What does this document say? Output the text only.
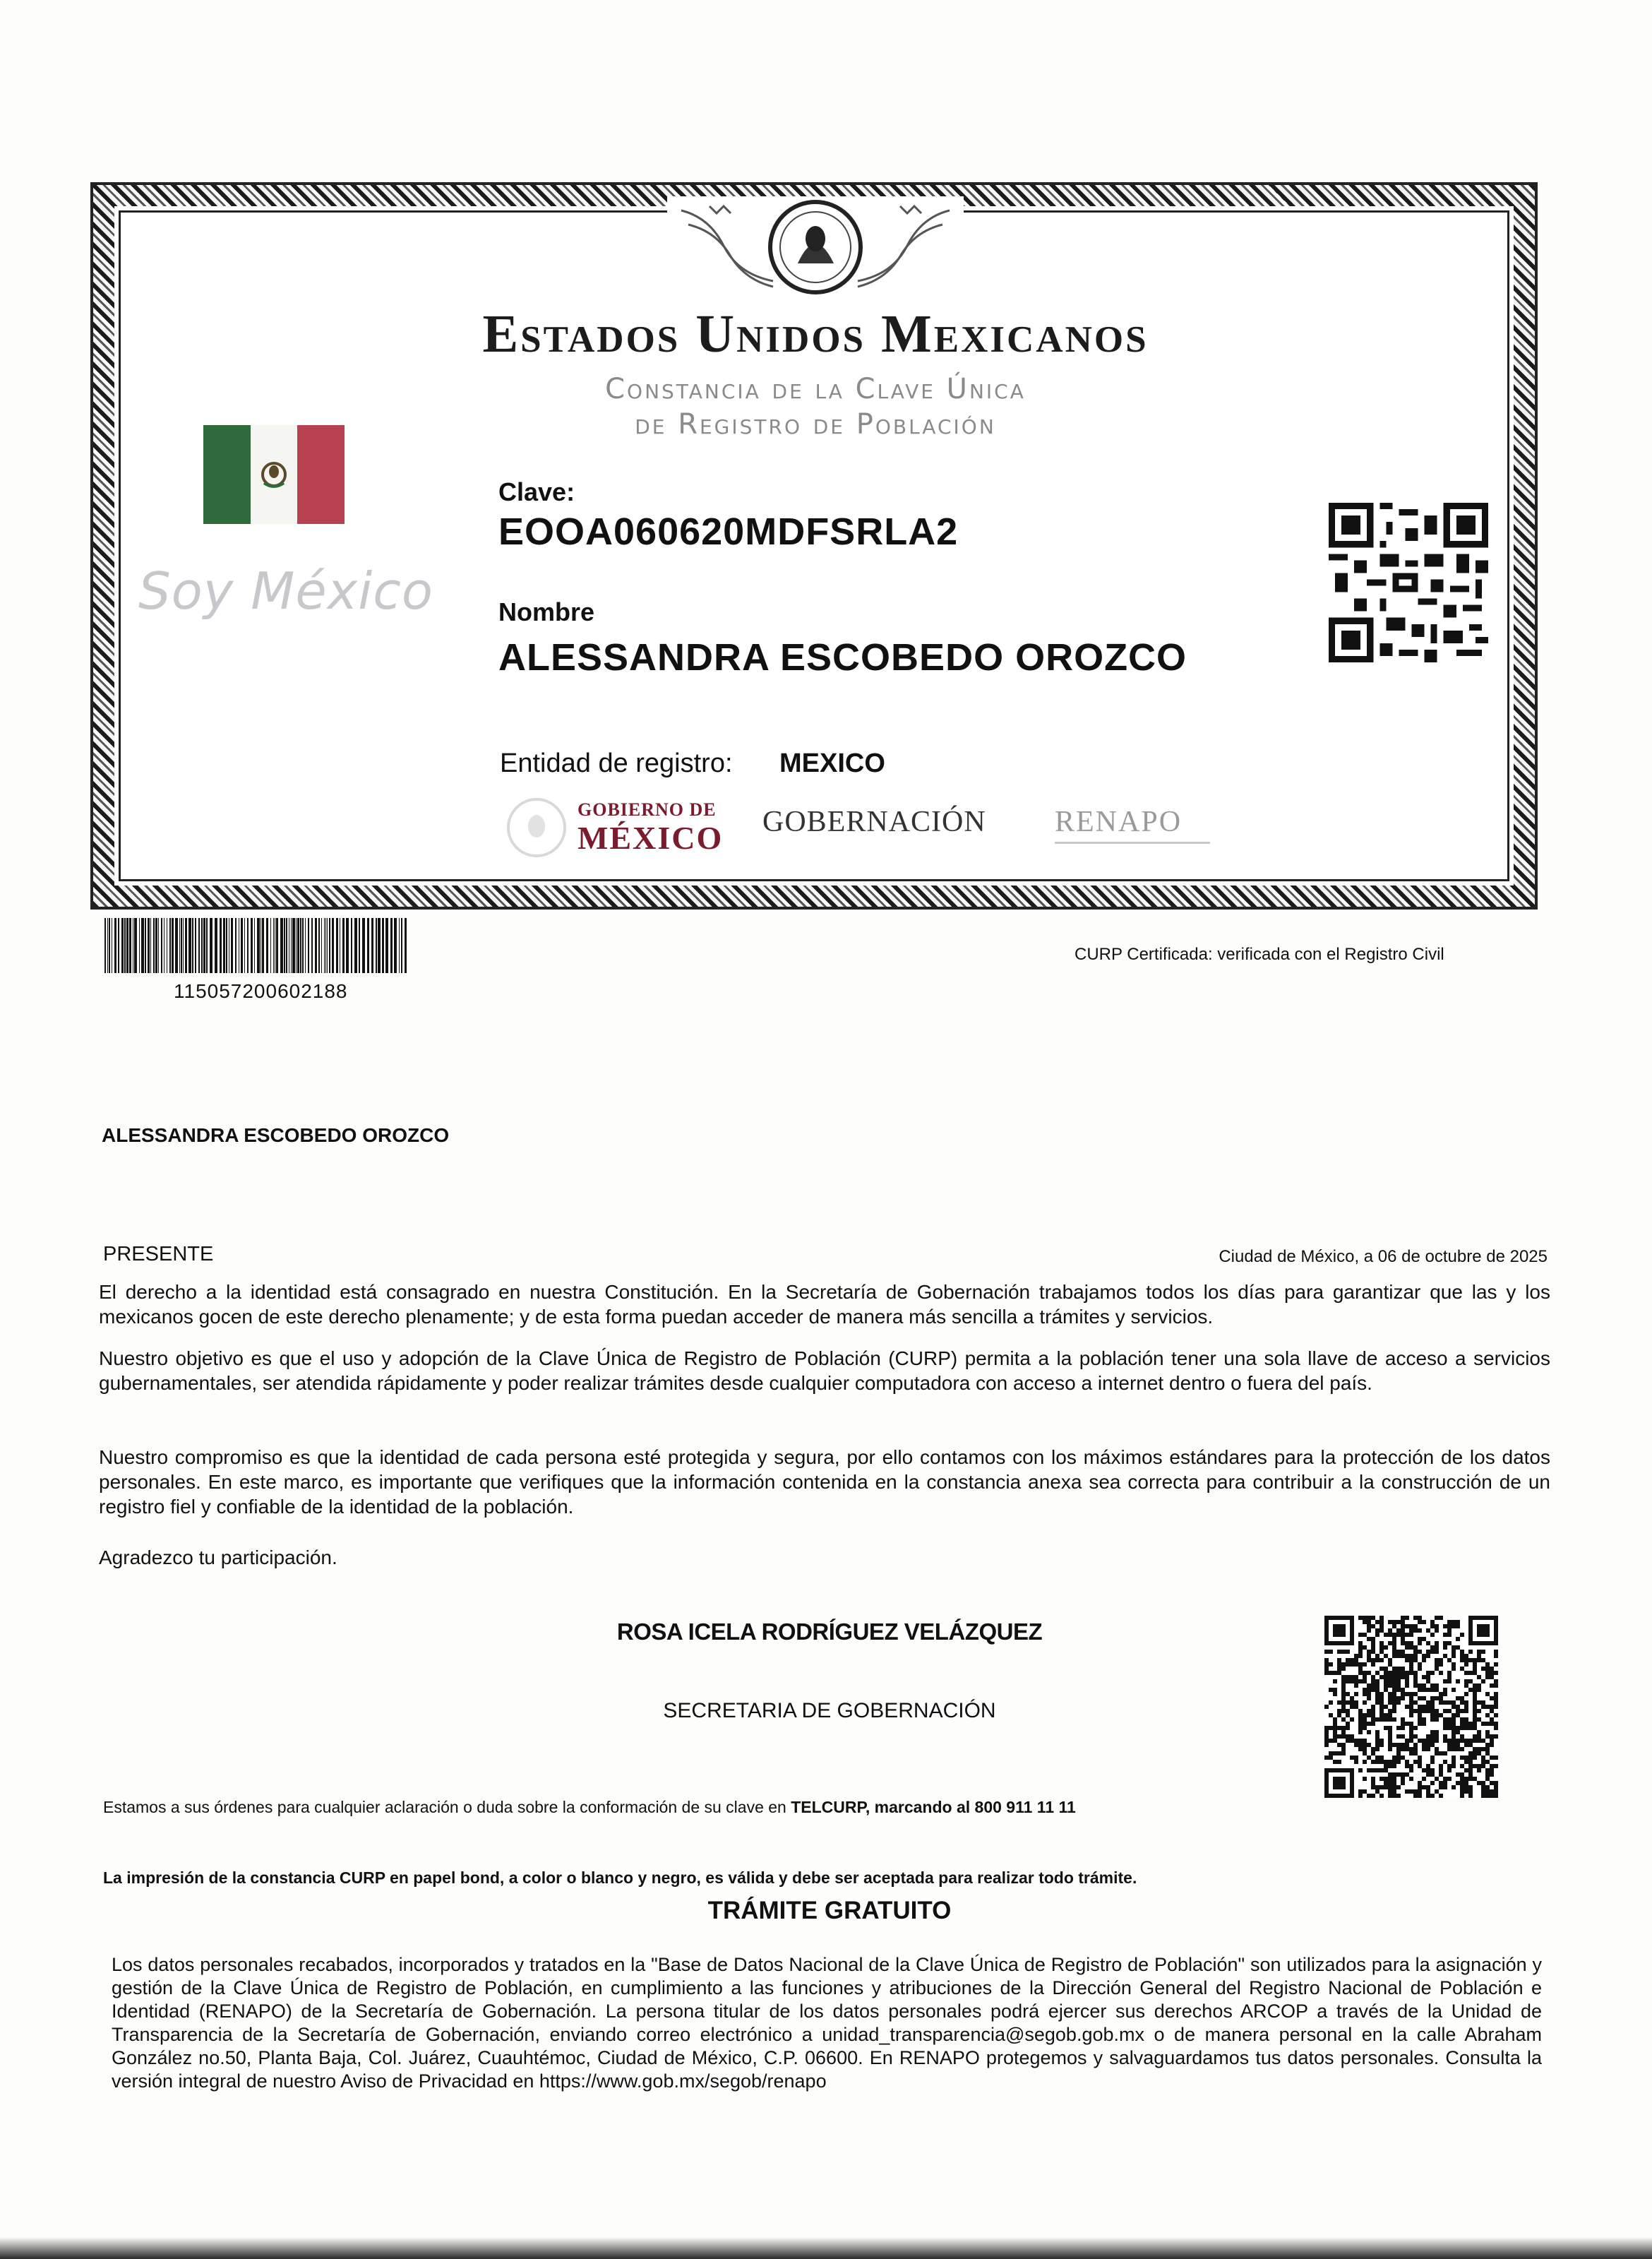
Estados Unidos Mexicanos
Constancia de la Clave Única
de Registro de Población
Soy México
Clave:
EOOA060620MDFSRLA2
Nombre
ALESSANDRA ESCOBEDO OROZCO
Entidad de registro: MEXICO
GOBIERNO DE
MÉXICO GOBERNACIÓN RENAPO
115057200602188
CURP Certificada: verificada con el Registro Civil
ALESSANDRA ESCOBEDO OROZCO
PRESENTE	Ciudad de México, a 06 de octubre de 2025
El derecho a la identidad está consagrado en nuestra Constitución. En la Secretaría de Gobernación trabajamos todos los días para garantizar que las y los mexicanos gocen de este derecho plenamente; y de esta forma puedan acceder de manera más sencilla a trámites y servicios.
Nuestro objetivo es que el uso y adopción de la Clave Única de Registro de Población (CURP) permita a la población tener una sola llave de acceso a servicios gubernamentales, ser atendida rápidamente y poder realizar trámites desde cualquier computadora con acceso a internet dentro o fuera del país.
Nuestro compromiso es que la identidad de cada persona esté protegida y segura, por ello contamos con los máximos estándares para la protección de los datos personales. En este marco, es importante que verifiques que la información contenida en la constancia anexa sea correcta para contribuir a la construcción de un registro fiel y confiable de la identidad de la población.
Agradezco tu participación.
ROSA ICELA RODRÍGUEZ VELÁZQUEZ
SECRETARIA DE GOBERNACIÓN
Estamos a sus órdenes para cualquier aclaración o duda sobre la conformación de su clave en TELCURP, marcando al 800 911 11 11
La impresión de la constancia CURP en papel bond, a color o blanco y negro, es válida y debe ser aceptada para realizar todo trámite.
TRÁMITE GRATUITO
Los datos personales recabados, incorporados y tratados en la "Base de Datos Nacional de la Clave Única de Registro de Población" son utilizados para la asignación y gestión de la Clave Única de Registro de Población, en cumplimiento a las funciones y atribuciones de la Dirección General del Registro Nacional de Población e Identidad (RENAPO) de la Secretaría de Gobernación. La persona titular de los datos personales podrá ejercer sus derechos ARCOP a través de la Unidad de Transparencia de la Secretaría de Gobernación, enviando correo electrónico a unidad_transparencia@segob.gob.mx o de manera personal en la calle Abraham González no.50, Planta Baja, Col. Juárez, Cuauhtémoc, Ciudad de México, C.P. 06600. En RENAPO protegemos y salvaguardamos tus datos personales. Consulta la versión integral de nuestro Aviso de Privacidad en https://www.gob.mx/segob/renapo
